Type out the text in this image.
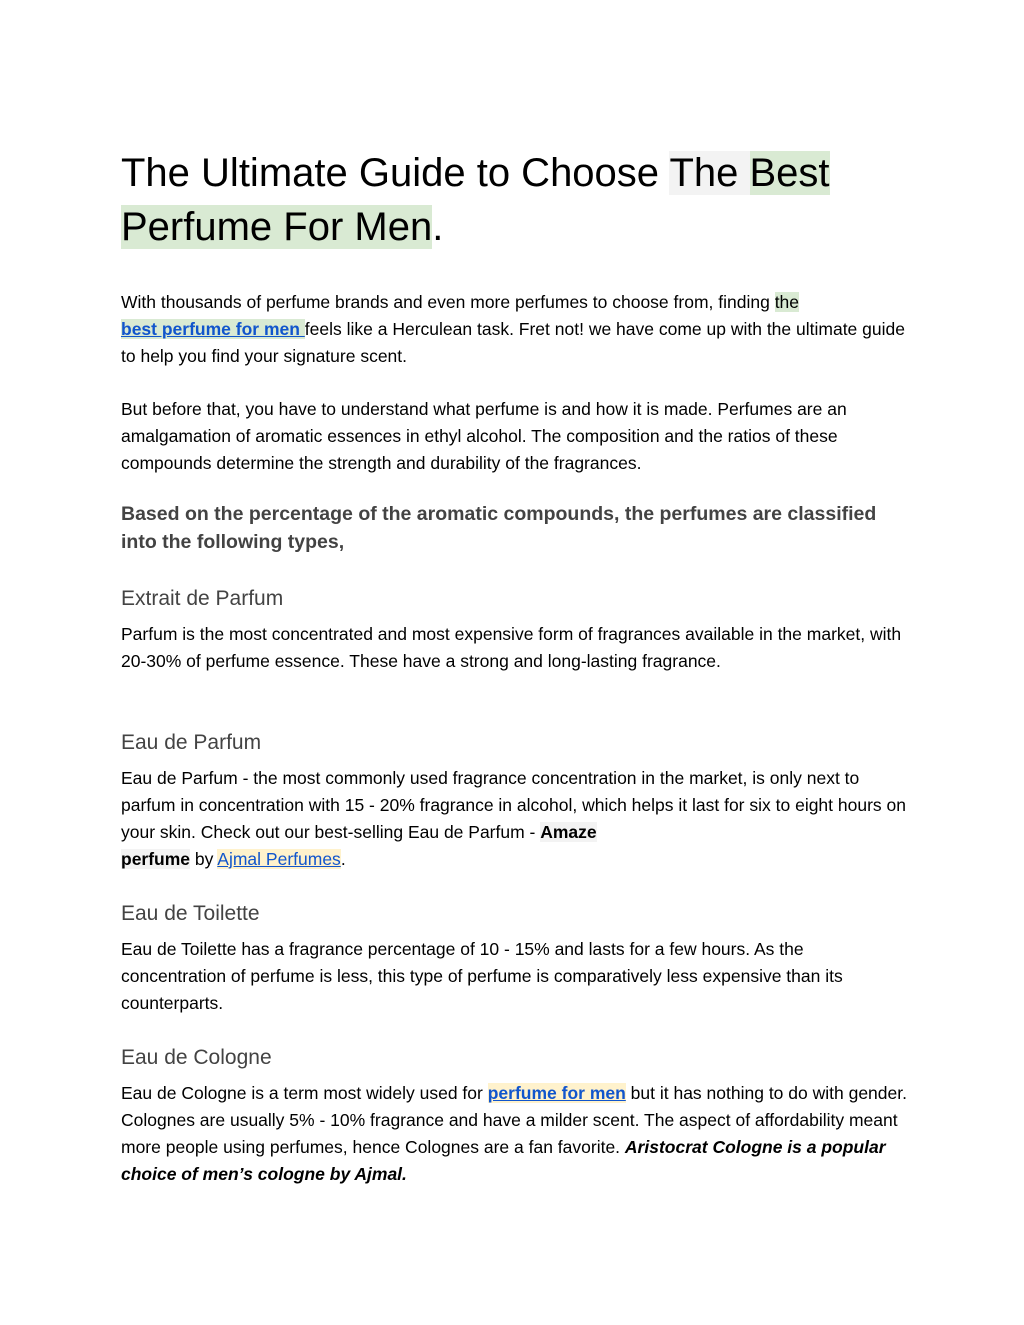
The Ultimate Guide to Choose The Best
Perfume For Men.

With thousands of perfume brands and even more perfumes to choose from, finding the
best perfume for men feels like a Herculean task. Fret not! we have come up with the ultimate guide to help you find your signature scent.

But before that, you have to understand what perfume is and how it is made. Perfumes are an amalgamation of aromatic essences in ethyl alcohol. The composition and the ratios of these compounds determine the strength and durability of the fragrances.

Based on the percentage of the aromatic compounds, the perfumes are classified into the following types,

Extrait de Parfum

Parfum is the most concentrated and most expensive form of fragrances available in the market, with 20-30% of perfume essence. These have a strong and long-lasting fragrance.

Eau de Parfum

Eau de Parfum - the most commonly used fragrance concentration in the market, is only next to parfum in concentration with 15 - 20% fragrance in alcohol, which helps it last for six to eight hours on your skin. Check out our best-selling Eau de Parfum - Amaze
perfume by Ajmal Perfumes.

Eau de Toilette

Eau de Toilette has a fragrance percentage of 10 - 15% and lasts for a few hours. As the concentration of perfume is less, this type of perfume is comparatively less expensive than its counterparts.

Eau de Cologne

Eau de Cologne is a term most widely used for perfume for men but it has nothing to do with gender. Colognes are usually 5% - 10% fragrance and have a milder scent. The aspect of affordability meant more people using perfumes, hence Colognes are a fan favorite. Aristocrat Cologne is a popular choice of men’s cologne by Ajmal.
